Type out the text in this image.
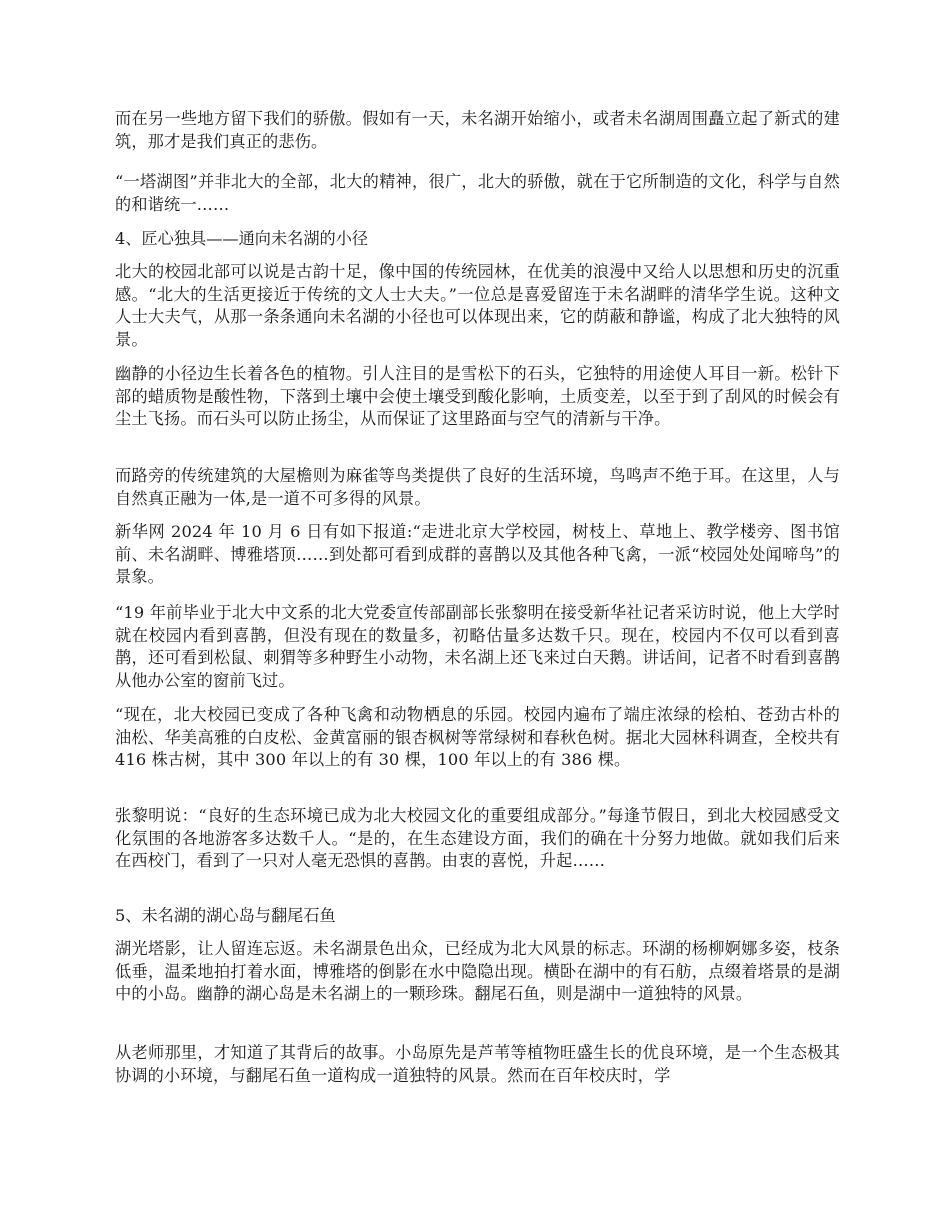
而在另一些地方留下我们的骄傲。假如有一天，未名湖开始缩小，或者未名湖周围矗立起了新式的建筑，那才是我们真正的悲伤。

“一塔湖图”并非北大的全部，北大的精神，很广，北大的骄傲，就在于它所制造的文化，科学与自然的和谐统一……

4、匠心独具——通向未名湖的小径

北大的校园北部可以说是古韵十足，像中国的传统园林，在优美的浪漫中又给人以思想和历史的沉重感。“北大的生活更接近于传统的文人士大夫。”一位总是喜爱留连于未名湖畔的清华学生说。这种文人士大夫气，从那一条条通向未名湖的小径也可以体现出来，它的荫蔽和静谧，构成了北大独特的风景。

幽静的小径边生长着各色的植物。引人注目的是雪松下的石头，它独特的用途使人耳目一新。松针下部的蜡质物是酸性物，下落到土壤中会使土壤受到酸化影响，土质变差，以至于到了刮风的时候会有尘土飞扬。而石头可以防止扬尘，从而保证了这里路面与空气的清新与干净。

而路旁的传统建筑的大屋檐则为麻雀等鸟类提供了良好的生活环境，鸟鸣声不绝于耳。在这里，人与自然真正融为一体,是一道不可多得的风景。

新华网 2024 年 10 月 6 日有如下报道:“走进北京大学校园，树枝上、草地上、教学楼旁、图书馆前、未名湖畔、博雅塔顶……到处都可看到成群的喜鹊以及其他各种飞禽，一派“校园处处闻啼鸟”的景象。

“19 年前毕业于北大中文系的北大党委宣传部副部长张黎明在接受新华社记者采访时说，他上大学时就在校园内看到喜鹊，但没有现在的数量多，初略估量多达数千只。现在，校园内不仅可以看到喜鹊，还可看到松鼠、刺猬等多种野生小动物，未名湖上还飞来过白天鹅。讲话间，记者不时看到喜鹊从他办公室的窗前飞过。

“现在，北大校园已变成了各种飞禽和动物栖息的乐园。校园内遍布了端庄浓绿的桧柏、苍劲古朴的油松、华美高雅的白皮松、金黄富丽的银杏枫树等常绿树和春秋色树。据北大园林科调查，全校共有 416 株古树，其中 300 年以上的有 30 棵，100 年以上的有 386 棵。

张黎明说：“良好的生态环境已成为北大校园文化的重要组成部分。”每逢节假日，到北大校园感受文化氛围的各地游客多达数千人。“是的，在生态建设方面，我们的确在十分努力地做。就如我们后来在西校门，看到了一只对人毫无恐惧的喜鹊。由衷的喜悦，升起……

5、未名湖的湖心岛与翻尾石鱼

湖光塔影，让人留连忘返。未名湖景色出众，已经成为北大风景的标志。环湖的杨柳婀娜多姿，枝条低垂，温柔地拍打着水面，博雅塔的倒影在水中隐隐出现。横卧在湖中的有石舫，点缀着塔景的是湖中的小岛。幽静的湖心岛是未名湖上的一颗珍珠。翻尾石鱼，则是湖中一道独特的风景。

从老师那里，才知道了其背后的故事。小岛原先是芦苇等植物旺盛生长的优良环境，是一个生态极其协调的小环境，与翻尾石鱼一道构成一道独特的风景。然而在百年校庆时，学
